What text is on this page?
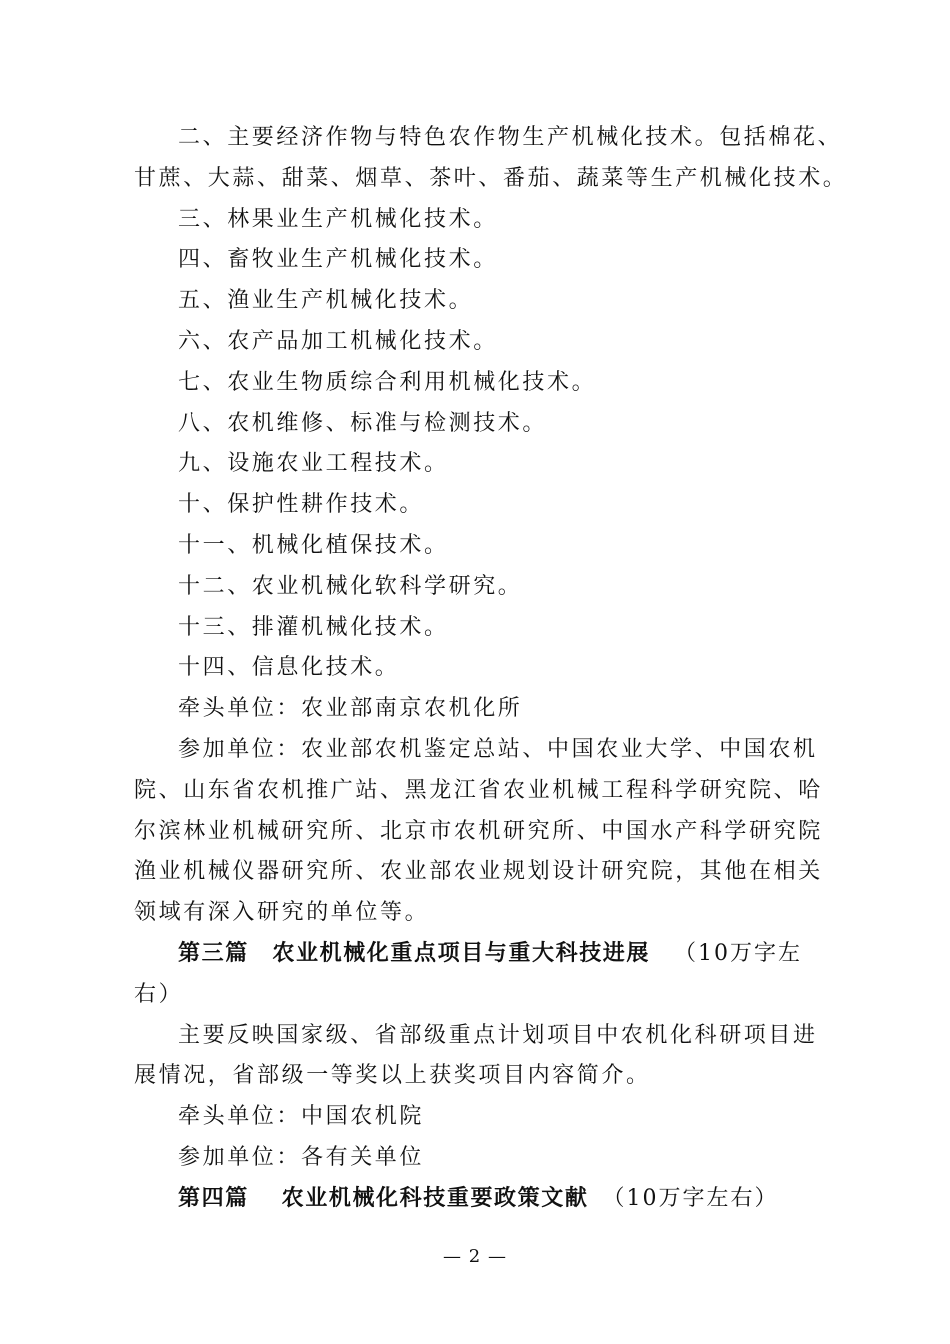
二、主要经济作物与特色农作物生产机械化技术。包括棉花、

甘蔗、大蒜、甜菜、烟草、茶叶、番茄、蔬菜等生产机械化技术。

三、林果业生产机械化技术。

四、畜牧业生产机械化技术。

五、渔业生产机械化技术。

六、农产品加工机械化技术。

七、农业生物质综合利用机械化技术。

八、农机维修、标准与检测技术。

九、设施农业工程技术。

十、保护性耕作技术。

十一、机械化植保技术。

十二、农业机械化软科学研究。

十三、排灌机械化技术。

十四、信息化技术。

牵头单位：农业部南京农机化所

参加单位：农业部农机鉴定总站、中国农业大学、中国农机

院、山东省农机推广站、黑龙江省农业机械工程科学研究院、哈

尔滨林业机械研究所、北京市农机研究所、中国水产科学研究院

渔业机械仪器研究所、农业部农业规划设计研究院，其他在相关

领域有深入研究的单位等。

第三篇　农业机械化重点项目与重大科技进展 （10万字左

右）

主要反映国家级、省部级重点计划项目中农机化科研项目进

展情况，省部级一等奖以上获奖项目内容简介。

牵头单位：中国农机院

参加单位：各有关单位

第四篇　 农业机械化科技重要政策文献 （10万字左右）

— 2 —
